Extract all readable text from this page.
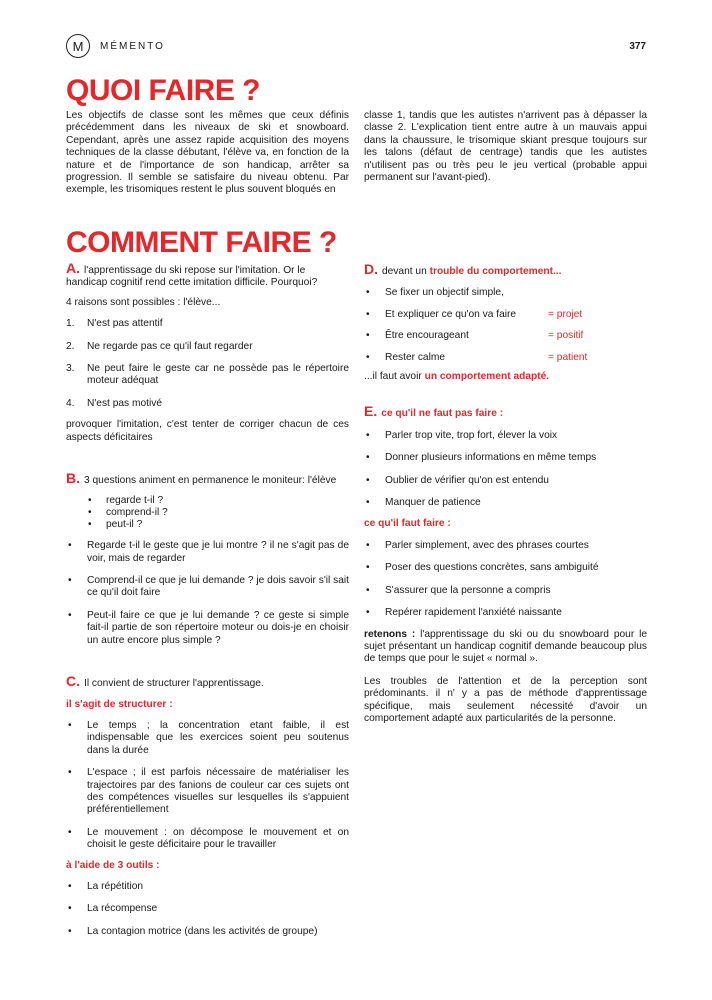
M	MÉMENTO	377
QUOI FAIRE ?

Les objectifs de classe sont les mêmes que ceux définis précédemment dans les niveaux de ski et snowboard. Cependant, après une assez rapide acquisition des moyens techniques de la classe débutant, l'élève va, en fonction de la nature et de l'importance de son handicap, arrêter sa progression. Il semble se satisfaire du niveau obtenu. Par exemple, les trisomiques restent le plus souvent bloqués en

classe 1, tandis que les autistes n'arrivent pas à dépasser la classe 2. L'explication tient entre autre à un mauvais appui dans la chaussure, le trisomique skiant presque toujours sur les talons (défaut de centrage) tandis que les autistes n'utilisent pas ou très peu le jeu vertical (probable appui permanent sur l'avant-pied).

COMMENT FAIRE ?

A. l'apprentissage du ski repose sur l'imitation. Or le handicap cognitif rend cette imitation difficile. Pourquoi?

4 raisons sont possibles : l'élève...

1. N'est pas attentif
2. Ne regarde pas ce qu'il faut regarder
3. Ne peut faire le geste car ne possède pas le répertoire moteur adéquat
4. N'est pas motivé

provoquer l'imitation, c'est tenter de corriger chacun de ces aspects déficitaires

B. 3 questions animent en permanence le moniteur: l'élève

• regarde t-il ?
• comprend-il ?
• peut-il ?
• Regarde t-il le geste que je lui montre ? il ne s'agit pas de voir, mais de regarder
• Comprend-il ce que je lui demande ? je dois savoir s'il sait ce qu'il doit faire
• Peut-il faire ce que je lui demande ? ce geste si simple fait-il partie de son répertoire moteur ou dois-je en choisir un autre encore plus simple ?

C. Il convient de structurer l'apprentissage.

il s'agit de structurer :

• Le temps ; la concentration etant faible, il est indispensable que les exercices soient peu soutenus dans la durée
• L'espace ; il est parfois nécessaire de matérialiser les trajectoires par des fanions de couleur car ces sujets ont des compétences visuelles sur lesquelles ils s'appuient préférentiellement
• Le mouvement : on décompose le mouvement et on choisit le geste déficitaire pour le travailler

à l'aide de 3 outils :

• La répétition
• La récompense
• La contagion motrice (dans les activités de groupe)

D. devant un trouble du comportement...

• Se fixer un objectif simple,
• Et expliquer ce qu'on va faire	= projet
• Être encourageant	= positif
• Rester calme	= patient

...il faut avoir un comportement adapté.

E. ce qu'il ne faut pas faire :

• Parler trop vite, trop fort, élever la voix
• Donner plusieurs informations en même temps
• Oublier de vérifier qu'on est entendu
• Manquer de patience

ce qu'il faut faire :

• Parler simplement, avec des phrases courtes
• Poser des questions concrètes, sans ambiguité
• S'assurer que la personne a compris
• Repérer rapidement l'anxiété naissante

retenons : l'apprentissage du ski ou du snowboard pour le sujet présentant un handicap cognitif demande beaucoup plus de temps que pour le sujet « normal ».

Les troubles de l'attention et de la perception sont prédominants. il n' y a pas de méthode d'apprentissage spécifique, mais seulement nécessité d'avoir un comportement adapté aux particularités de la personne.
